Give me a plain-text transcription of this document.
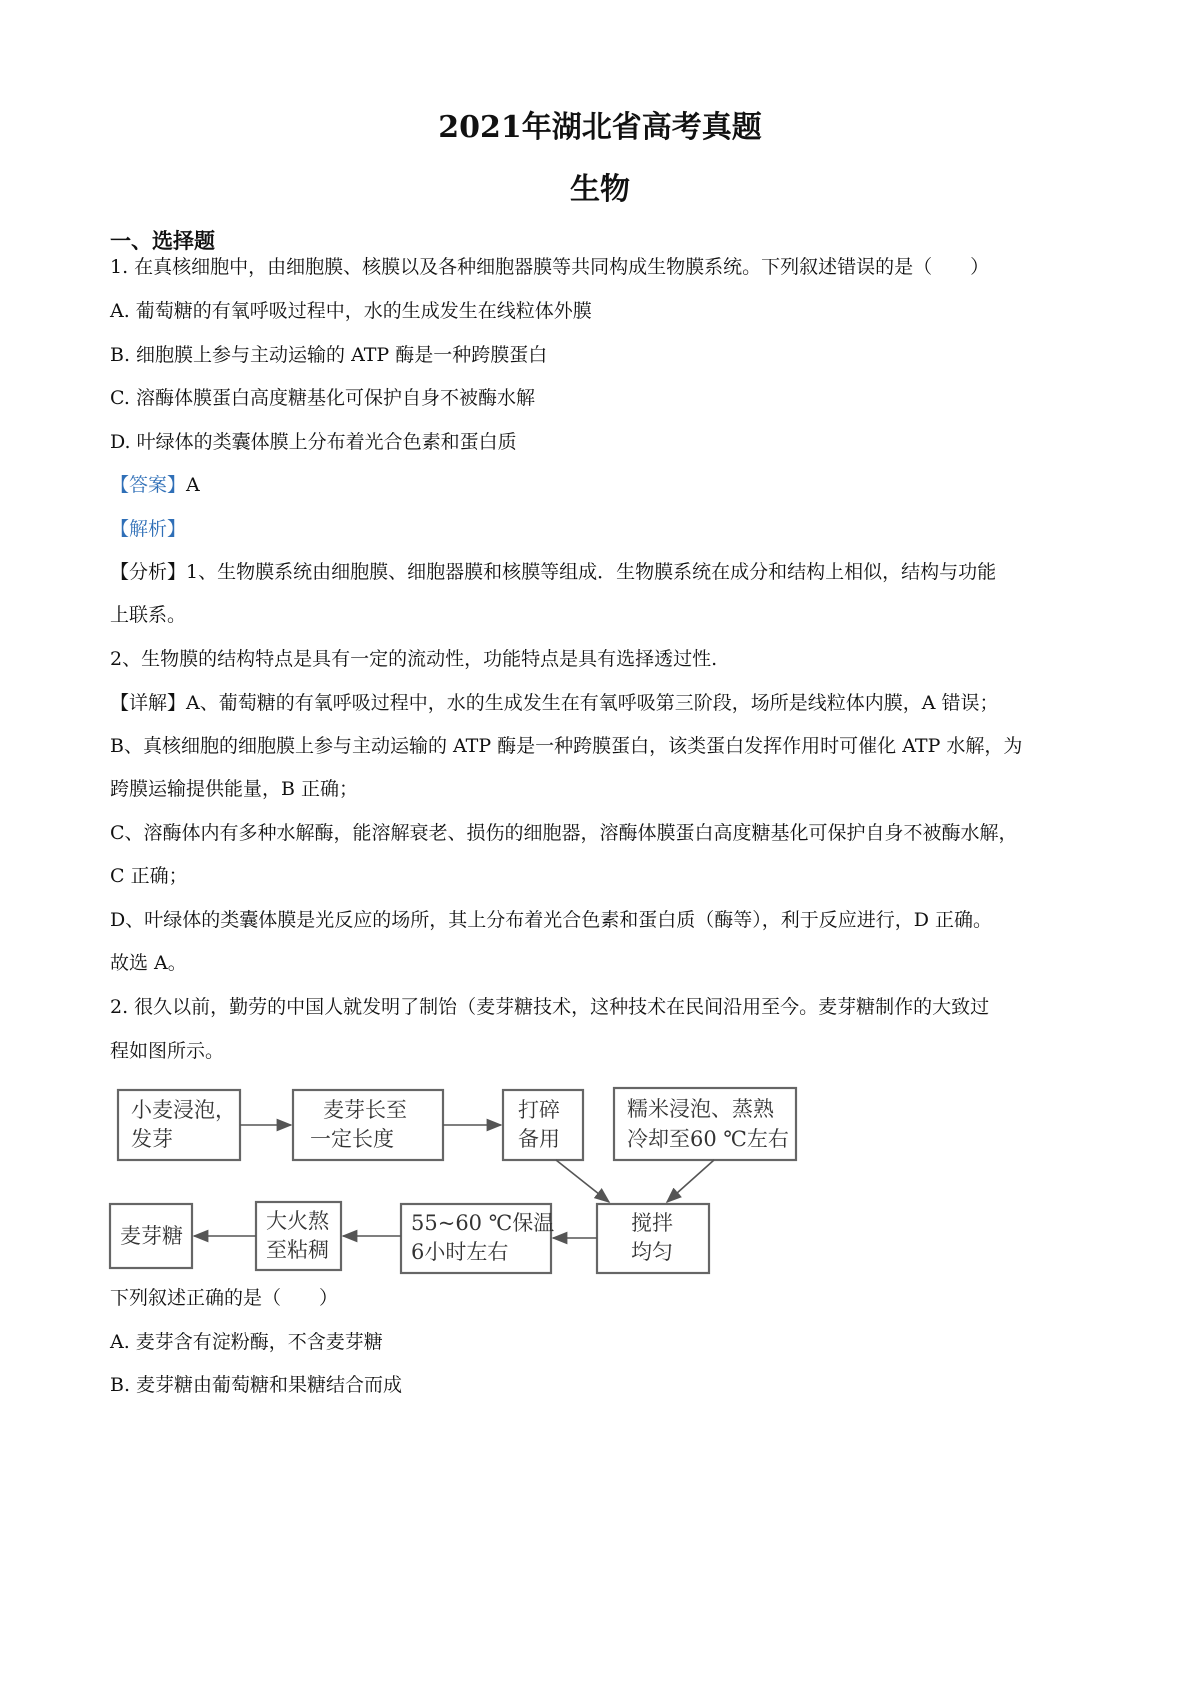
2021年湖北省高考真题
生物
一、选择题
1. 在真核细胞中，由细胞膜、核膜以及各种细胞器膜等共同构成生物膜系统。下列叙述错误的是（　　）
A. 葡萄糖的有氧呼吸过程中，水的生成发生在线粒体外膜
B. 细胞膜上参与主动运输的 ATP 酶是一种跨膜蛋白
C. 溶酶体膜蛋白高度糖基化可保护自身不被酶水解
D. 叶绿体的类囊体膜上分布着光合色素和蛋白质
【答案】A
【解析】
【分析】1、生物膜系统由细胞膜、细胞器膜和核膜等组成．生物膜系统在成分和结构上相似，结构与功能
上联系。
2、生物膜的结构特点是具有一定的流动性，功能特点是具有选择透过性.
【详解】A、葡萄糖的有氧呼吸过程中，水的生成发生在有氧呼吸第三阶段，场所是线粒体内膜，A 错误；
B、真核细胞的细胞膜上参与主动运输的 ATP 酶是一种跨膜蛋白，该类蛋白发挥作用时可催化 ATP 水解，为
跨膜运输提供能量，B 正确；
C、溶酶体内有多种水解酶，能溶解衰老、损伤的细胞器，溶酶体膜蛋白高度糖基化可保护自身不被酶水解，
C 正确；
D、叶绿体的类囊体膜是光反应的场所，其上分布着光合色素和蛋白质（酶等），利于反应进行，D 正确。
故选 A。
2. 很久以前，勤劳的中国人就发明了制饴（麦芽糖技术，这种技术在民间沿用至今。麦芽糖制作的大致过
程如图所示。
小麦浸泡，
发芽
麦芽长至
一定长度
打碎
备用
糯米浸泡、蒸熟
冷却至60 ℃左右
搅拌
均匀
55~60 ℃保温
6小时左右
大火熬
至粘稠
麦芽糖
下列叙述正确的是（　　）
A. 麦芽含有淀粉酶，不含麦芽糖
B. 麦芽糖由葡萄糖和果糖结合而成
